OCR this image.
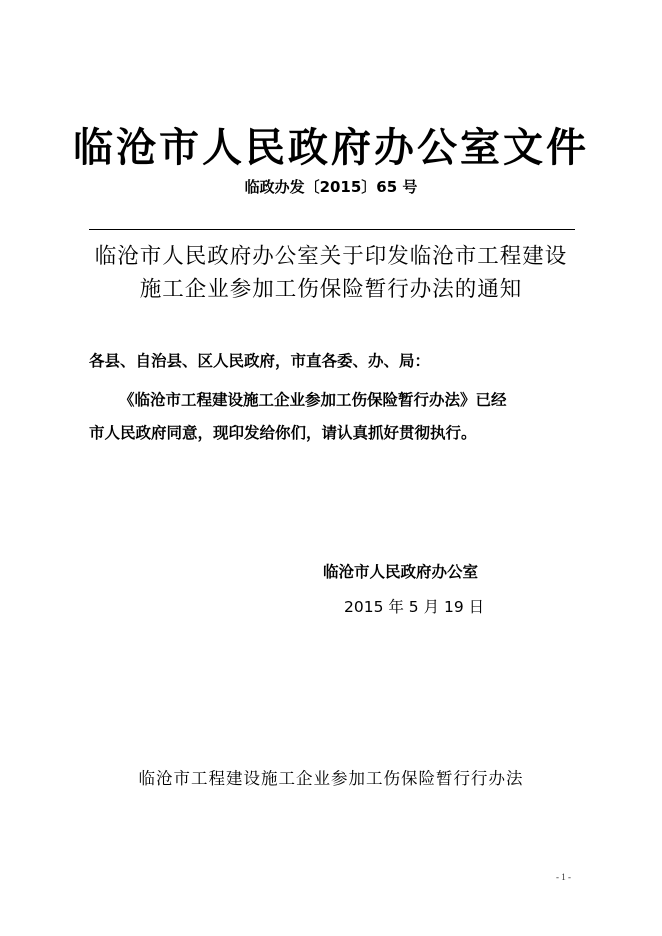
临沧市人民政府办公室文件
临政办发〔2015〕65 号
临沧市人民政府办公室关于印发临沧市工程建设
施工企业参加工伤保险暂行办法的通知
各县、自治县、区人民政府，市直各委、办、局：
《临沧市工程建设施工企业参加工伤保险暂行办法》已经
市人民政府同意，现印发给你们，请认真抓好贯彻执行。
临沧市人民政府办公室
2015 年 5 月 19 日
临沧市工程建设施工企业参加工伤保险暂行行办法
- 1 -
